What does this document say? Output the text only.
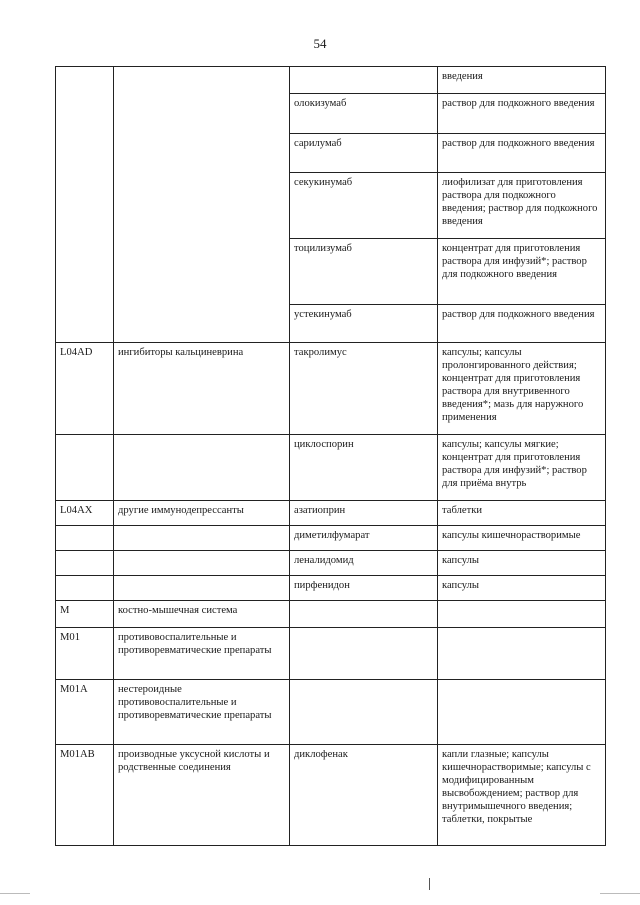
54
			введения
		олокизумаб	раствор для подкожного введения
		сарилумаб	раствор для подкожного введения
		секукинумаб	лиофилизат для приготовления раствора для подкожного введения; раствор для подкожного введения
		тоцилизумаб	концентрат для приготовления раствора для инфузий*; раствор для подкожного введения
		устекинумаб	раствор для подкожного введения
L04AD	ингибиторы кальциневрина	такролимус	капсулы; капсулы пролонгированного действия; концентрат для приготовления раствора для внутривенного введения*; мазь для наружного применения
		циклоспорин	капсулы; капсулы мягкие; концентрат для приготовления раствора для инфузий*; раствор для приёма внутрь
L04AX	другие иммунодепрессанты	азатиоприн	таблетки
		диметилфумарат	капсулы кишечнорастворимые
		леналидомид	капсулы
		пирфенидон	капсулы
M	костно-мышечная система		
M01	противовоспалительные и противоревматические препараты		
M01A	нестероидные противовоспалительные и противоревматические препараты		
M01AB	производные уксусной кислоты и родственные соединения	диклофенак	капли глазные; капсулы кишечнорастворимые; капсулы с модифицированным высвобождением; раствор для внутримышечного введения; таблетки, покрытые
